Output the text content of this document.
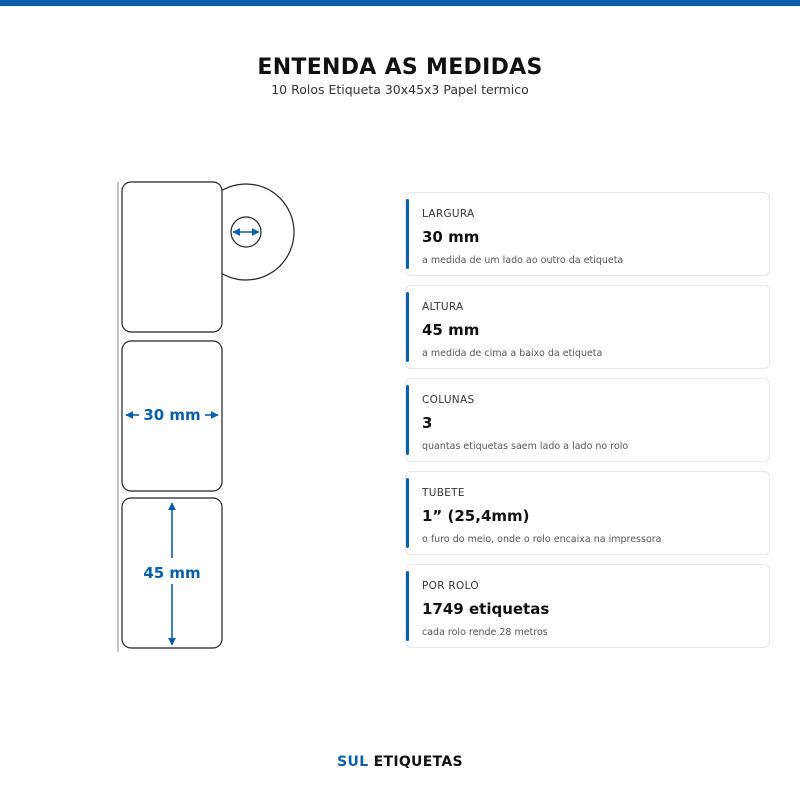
ENTENDA AS MEDIDAS
10 Rolos Etiqueta 30x45x3 Papel termico
30 mm
45 mm
LARGURA
30 mm
a medida de um lado ao outro da etiqueta
ALTURA
45 mm
a medida de cima a baixo da etiqueta
COLUNAS
3
quantas etiquetas saem lado a lado no rolo
TUBETE
1” (25,4mm)
o furo do meio, onde o rolo encaixa na impressora
POR ROLO
1749 etiquetas
cada rolo rende 28 metros
SUL ETIQUETAS
